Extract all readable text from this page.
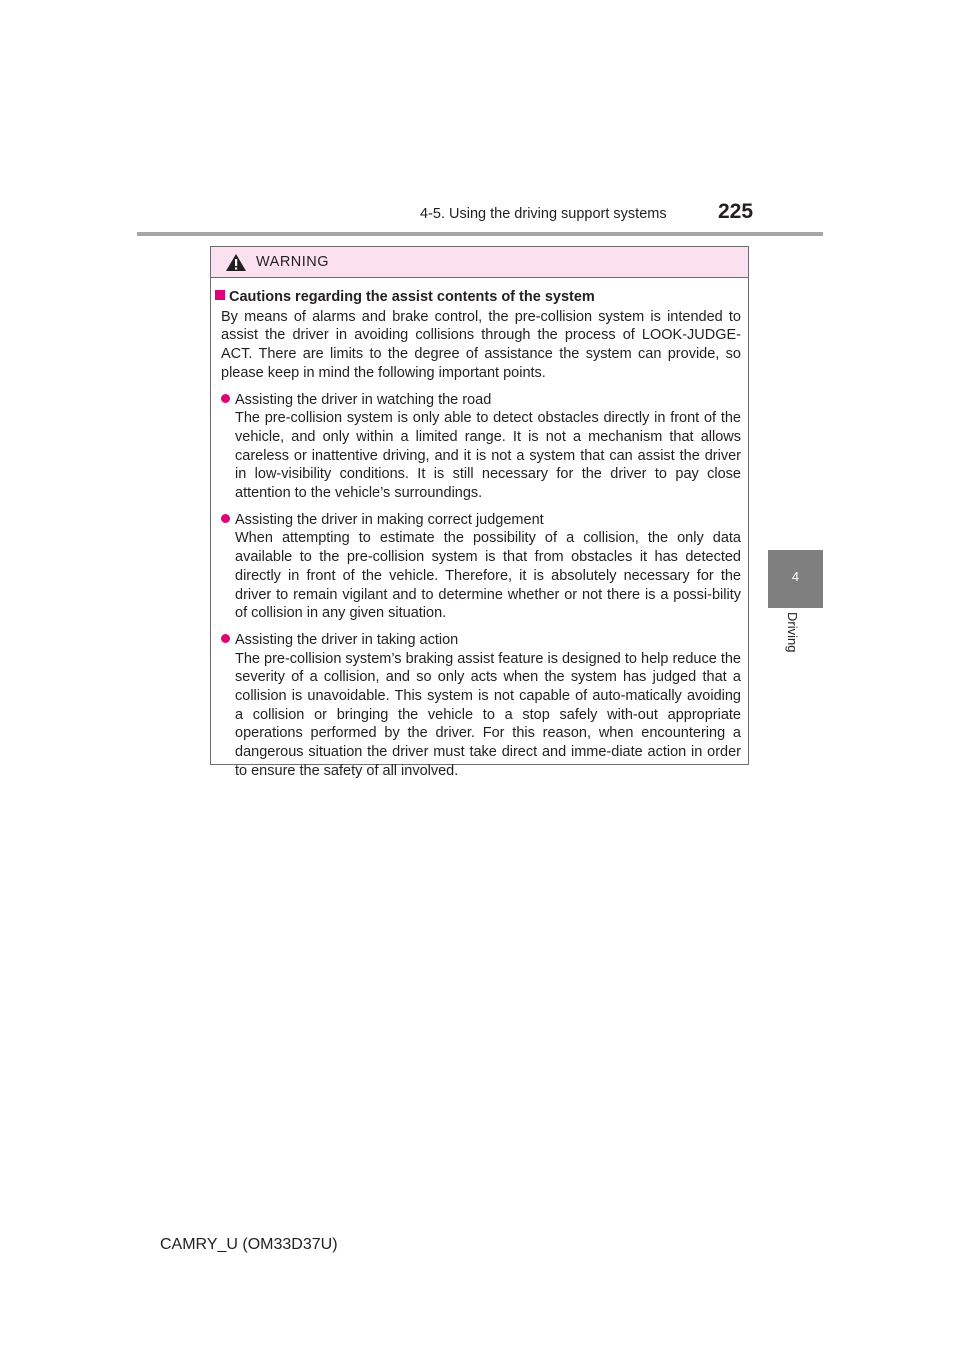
4-5. Using the driving support systems 225
4
Driving
WARNING
Cautions regarding the assist contents of the system
By means of alarms and brake control, the pre-collision system is intended to assist the driver in avoiding collisions through the process of LOOK-JUDGE-ACT. There are limits to the degree of assistance the system can provide, so please keep in mind the following important points.
Assisting the driver in watching the road
The pre-collision system is only able to detect obstacles directly in front of the vehicle, and only within a limited range. It is not a mechanism that allows careless or inattentive driving, and it is not a system that can assist the driver in low-visibility conditions. It is still necessary for the driver to pay close attention to the vehicle’s surroundings.
Assisting the driver in making correct judgement
When attempting to estimate the possibility of a collision, the only data available to the pre-collision system is that from obstacles it has detected directly in front of the vehicle. Therefore, it is absolutely necessary for the driver to remain vigilant and to determine whether or not there is a possi-bility of collision in any given situation.
Assisting the driver in taking action
The pre-collision system’s braking assist feature is designed to help reduce the severity of a collision, and so only acts when the system has judged that a collision is unavoidable. This system is not capable of auto-matically avoiding a collision or bringing the vehicle to a stop safely with-out appropriate operations performed by the driver. For this reason, when encountering a dangerous situation the driver must take direct and imme-diate action in order to ensure the safety of all involved.
CAMRY_U (OM33D37U)
